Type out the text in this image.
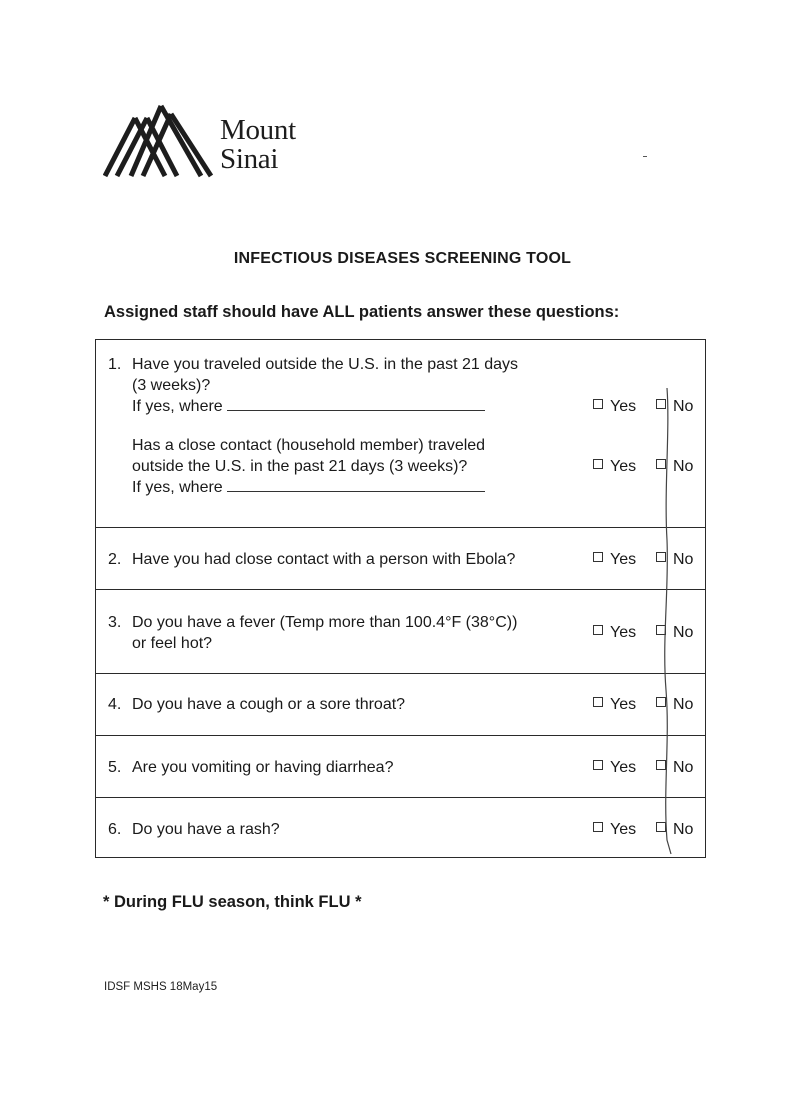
Mount
Sinai
INFECTIOUS DISEASES SCREENING TOOL
Assigned staff should have ALL patients answer these questions:
1. Have you traveled outside the U.S. in the past 21 days
(3 weeks)?
If yes, where	Yes	No
Has a close contact (household member) traveled
outside the U.S. in the past 21 days (3 weeks)?
If yes, where
Yes	No
2. Have you had close contact with a person with Ebola?	Yes	No
3. Do you have a fever (Temp more than 100.4°F (38°C))
or feel hot?
Yes	No
4. Do you have a cough or a sore throat?	Yes	No
5. Are you vomiting or having diarrhea?	Yes	No
6. Do you have a rash?	Yes	No
* During FLU season, think FLU *
IDSF MSHS 18May15
